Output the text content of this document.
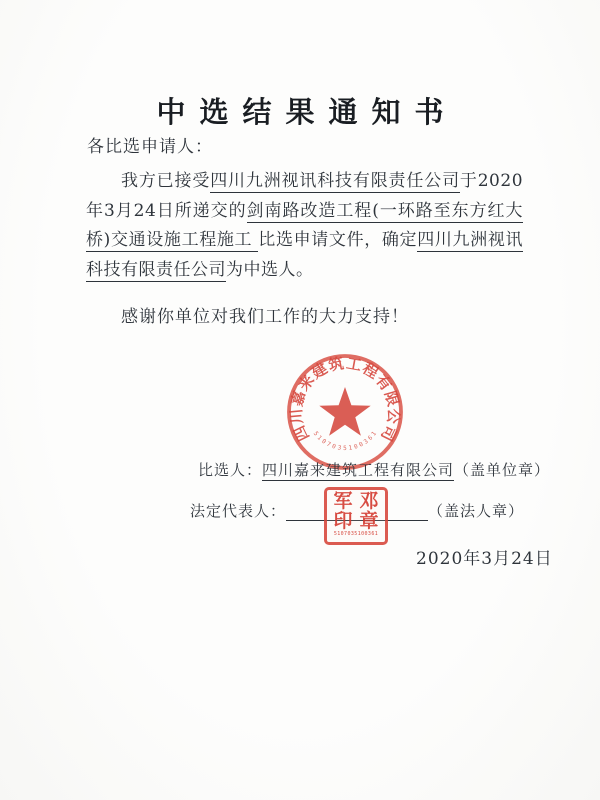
中选结果通知书
各比选申请人：
我方已接受四川九洲视讯科技有限责任公司于2020年3月24日所递交的剑南路改造工程(一环路至东方红大桥)交通设施工程施工 比选申请文件，确定四川九洲视讯科技有限责任公司为中选人。
感谢你单位对我们工作的大力支持！
四川嘉来建筑工程有限公司
5107035100361
比选人：四川嘉来建筑工程有限公司（盖单位章）
法定代表人：	（盖法人章）
军 邓
印 章
5107035100361
2020年3月24日
